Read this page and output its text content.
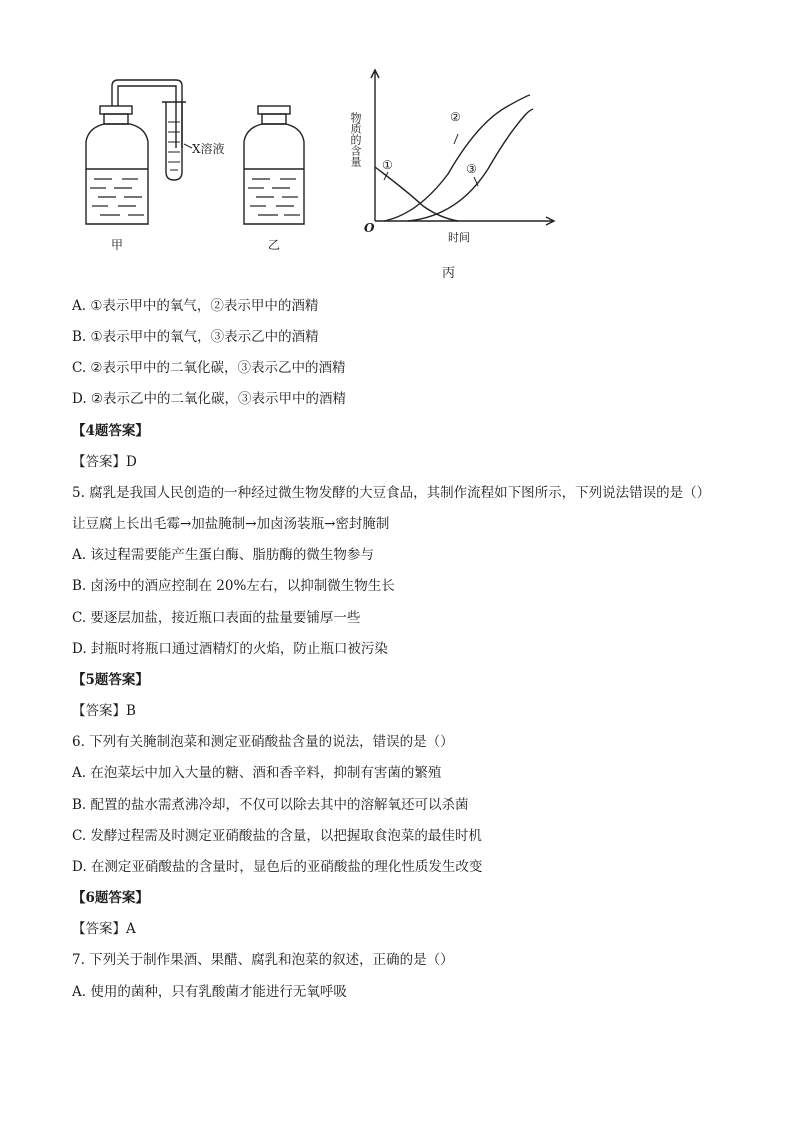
X溶液
甲	乙
丙
物质的含量
时间
O
①
②
③
A. ①表示甲中的氧气，②表示甲中的酒精
B. ①表示甲中的氧气，③表示乙中的酒精
C. ②表示甲中的二氧化碳，③表示乙中的酒精
D. ②表示乙中的二氧化碳，③表示甲中的酒精
【4题答案】
【答案】D
5. 腐乳是我国人民创造的一种经过微生物发酵的大豆食品，其制作流程如下图所示，下列说法错误的是（）
让豆腐上长出毛霉→加盐腌制→加卤汤装瓶→密封腌制
A. 该过程需要能产生蛋白酶、脂肪酶的微生物参与
B. 卤汤中的酒应控制在 20%左右，以抑制微生物生长
C. 要逐层加盐，接近瓶口表面的盐量要铺厚一些
D. 封瓶时将瓶口通过酒精灯的火焰，防止瓶口被污染
【5题答案】
【答案】B
6. 下列有关腌制泡菜和测定亚硝酸盐含量的说法，错误的是（）
A. 在泡菜坛中加入大量的糖、酒和香辛料，抑制有害菌的繁殖
B. 配置的盐水需煮沸冷却，不仅可以除去其中的溶解氧还可以杀菌
C. 发酵过程需及时测定亚硝酸盐的含量，以把握取食泡菜的最佳时机
D. 在测定亚硝酸盐的含量时，显色后的亚硝酸盐的理化性质发生改变
【6题答案】
【答案】A
7. 下列关于制作果酒、果醋、腐乳和泡菜的叙述，正确的是（）
A. 使用的菌种，只有乳酸菌才能进行无氧呼吸
